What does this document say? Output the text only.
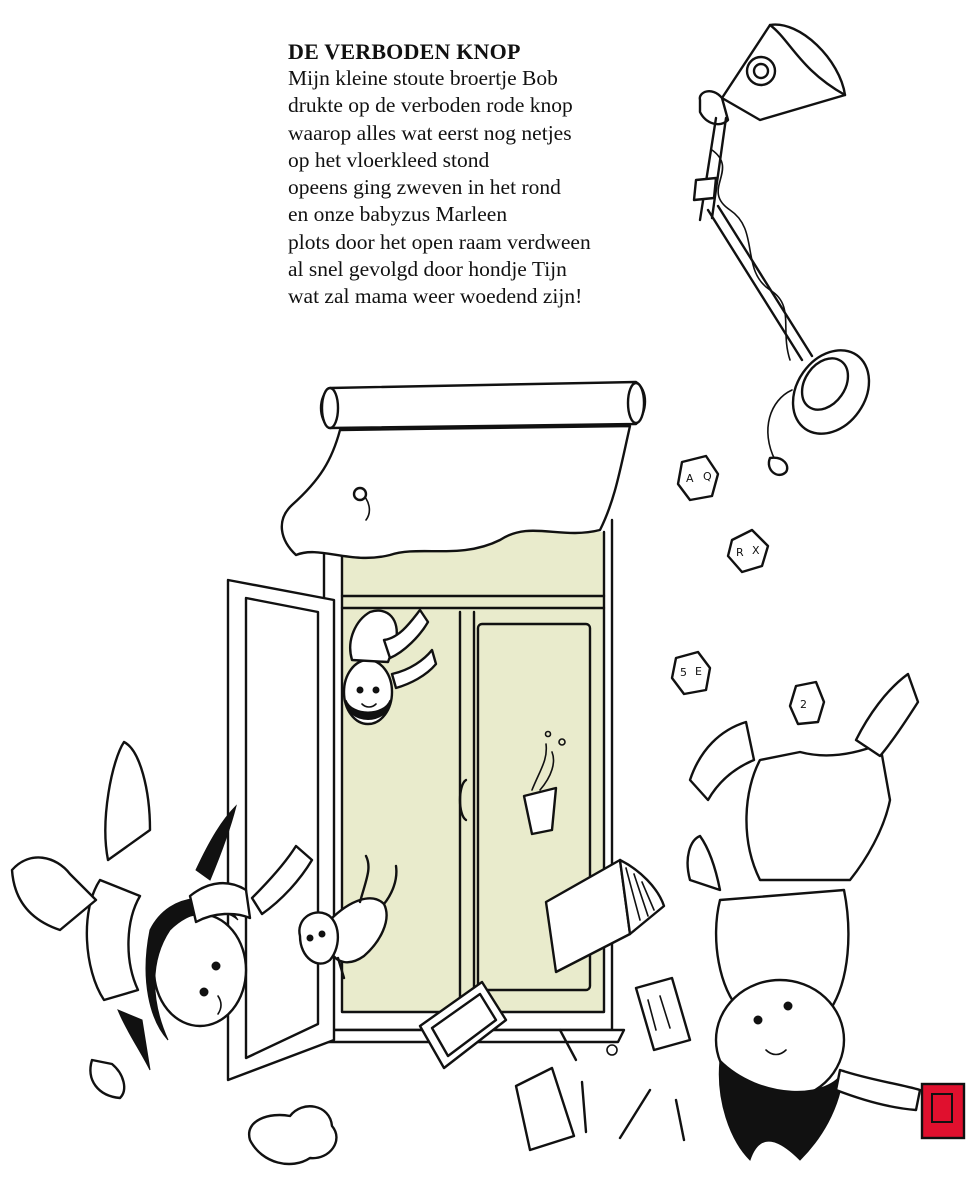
DE VERBODEN KNOP
Mijn kleine stoute broertje Bob
drukte op de verboden rode knop
waarop alles wat eerst nog netjes
op het vloerkleed stond
opeens ging zweven in het rond
en onze babyzus Marleen
plots door het open raam verdween
al snel gevolgd door hondje Tijn
wat zal mama weer woedend zijn!
A Q
R X
5 E
2
